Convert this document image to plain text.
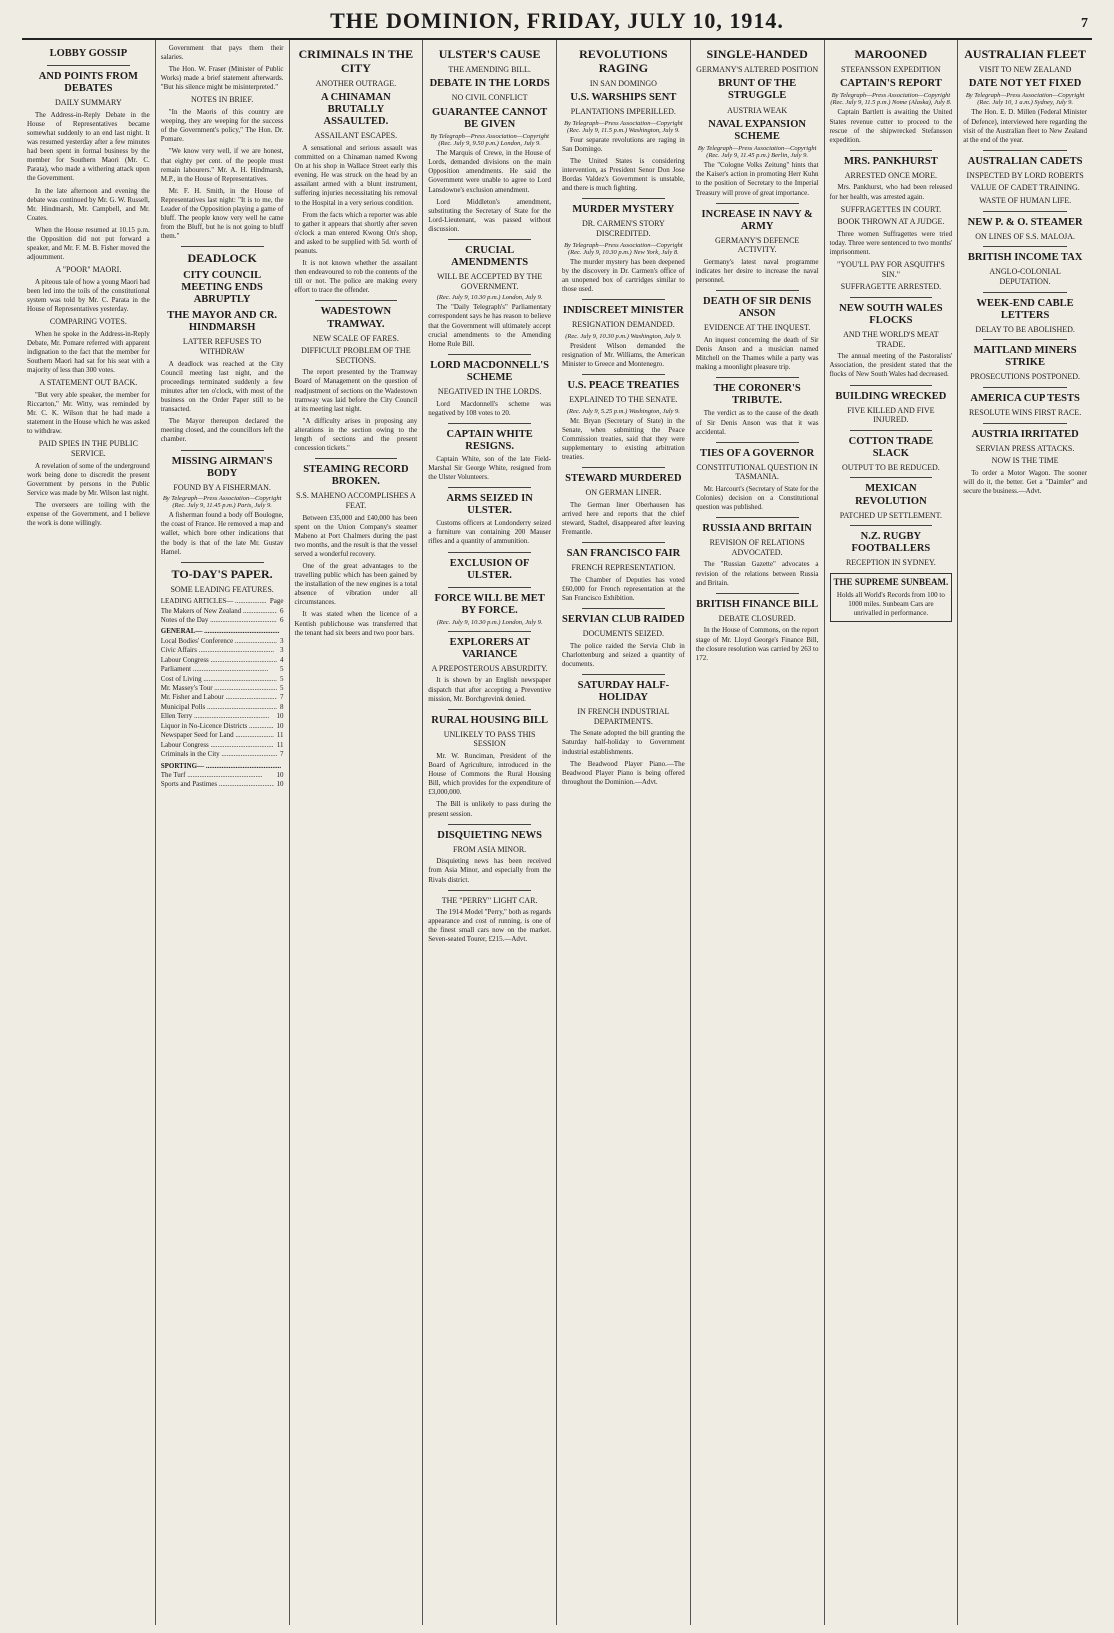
THE DOMINION, FRIDAY, JULY 10, 1914.	7
LOBBY GOSSIP
AND POINTS FROM DEBATES
DAILY SUMMARY
The Address-in-Reply Debate in the House of Representatives became somewhat suddenly to an end last night. It was resumed yesterday after a few minutes had been spent in formal business by the member for Southern Maori (Mr. C. Parata), who made a withering attack upon the Government.
In the late afternoon and evening the debate was continued by Mr. G. W. Russell, Mr. Hindmarsh, Mr. Campbell, and Mr. Coates.
When the House resumed at 10.15 p.m. the Opposition did not put forward a speaker, and Mr. F. M. B. Fisher moved the adjournment.
A "POOR" MAORI.
A piteous tale of how a young Maori had been led into the toils of the constitutional system was told by Mr. C. Parata in the House of Representatives yesterday.
COMPARING VOTES.
When he spoke in the Address-in-Reply Debate, Mr. Pomare referred with apparent indignation to the fact that the member for Southern Maori had sat for his seat with a majority of less than 300 votes.
A STATEMENT OUT BACK.
"But very able speaker, the member for Riccarton," Mr. Witty, was reminded by Mr. C. K. Wilson that he had made a statement in the House which he was asked to withdraw.
PAID SPIES IN THE PUBLIC SERVICE.
A revelation of some of the underground work being done to discredit the present Government by persons in the Public Service was made by Mr. Wilson last night.
The overseers are toiling with the expense of the Government, and I believe the work is done willingly.
Government that pays them their salaries.
The Hon. W. Fraser (Minister of Public Works) made a brief statement afterwards. "But his silence might be misinterpreted."
NOTES IN BRIEF.
"In the Maoris of this country are weeping, they are weeping for the success of the Government's policy," The Hon. Dr. Pomare.
"We know very well, if we are honest, that eighty per cent. of the people must remain labourers." Mr. A. H. Hindmarsh, M.P., in the House of Representatives.
Mr. F. H. Smith, in the House of Representatives last night: "It is to me, the Leader of the Opposition playing a game of bluff. The people know very well he came from the Bluff, but he is not going to bluff them."
DEADLOCK
CITY COUNCIL MEETING ENDS ABRUPTLY
THE MAYOR AND CR. HINDMARSH
LATTER REFUSES TO WITHDRAW
A deadlock was reached at the City Council meeting last night, and the proceedings terminated suddenly a few minutes after ten o'clock, with most of the business on the Order Paper still to be transacted.
The Mayor thereupon declared the meeting closed, and the councillors left the chamber.
MISSING AIRMAN'S BODY
FOUND BY A FISHERMAN.
By Telegraph—Press Association—Copyright (Rec. July 9, 11.45 p.m.) Paris, July 9.
A fisherman found a body off Boulogne, the coast of France. He removed a map and wallet, which bore other indications that the body is that of the late Mr. Gustav Hamel.
TO-DAY'S PAPER.
SOME LEADING FEATURES.
LEADING ARTICLES— .....	Page
The Makers of New Zealand .....	6
Notes of the Day .....	6
GENERAL— .....
Local Bodies' Conference .....	3
Civic Affairs .....	3
Labour Congress .....	4
Parliament .....	5
Cost of Living .....	5
Mr. Massey's Tour .....	5
Mr. Fisher and Labour .....	7
Municipal Polls .....	8
Ellen Terry .....	10
Liquor in No-Licence Districts .....	10
Newspaper Seed for Land .....	11
Labour Congress .....	11
Criminals in the City .....	7
SPORTING— .....
The Turf .....	10
Sports and Pastimes .....	10
CRIMINALS IN THE CITY
ANOTHER OUTRAGE.
A CHINAMAN BRUTALLY ASSAULTED.
ASSAILANT ESCAPES.
A sensational and serious assault was committed on a Chinaman named Kwong On at his shop in Wallace Street early this evening. He was struck on the head by an assailant armed with a blunt instrument, suffering injuries necessitating his removal to the Hospital in a very serious condition.
From the facts which a reporter was able to gather it appears that shortly after seven o'clock a man entered Kwong On's shop, and asked to be supplied with 5d. worth of peanuts.
It is not known whether the assailant then endeavoured to rob the contents of the till or not. The police are making every effort to trace the offender.
WADESTOWN TRAMWAY.
NEW SCALE OF FARES.
DIFFICULT PROBLEM OF THE SECTIONS.
The report presented by the Tramway Board of Management on the question of readjustment of sections on the Wadestown tramway was laid before the City Council at its meeting last night.
"A difficulty arises in proposing any alterations in the section owing to the length of sections and the present concession tickets."
STEAMING RECORD BROKEN.
S.S. MAHENO ACCOMPLISHES A FEAT.
Between £35,000 and £40,000 has been spent on the Union Company's steamer Maheno at Port Chalmers during the past two months, and the result is that the vessel served a wonderful recovery.
One of the great advantages to the travelling public which has been gained by the installation of the new engines is a total absence of vibration under all circumstances.
It was stated when the licence of a Kentish publichouse was transferred that the tenant had six beers and two poor bars.
ULSTER'S CAUSE
THE AMENDING BILL.
DEBATE IN THE LORDS
NO CIVIL CONFLICT
GUARANTEE CANNOT BE GIVEN
By Telegraph—Press Association—Copyright (Rec. July 9, 9.50 p.m.) London, July 9.
The Marquis of Crewe, in the House of Lords, demanded divisions on the main Opposition amendments. He said the Government were unable to agree to Lord Lansdowne's exclusion amendment.
Lord Middleton's amendment, substituting the Secretary of State for the Lord-Lieutenant, was passed without discussion.
CRUCIAL AMENDMENTS
WILL BE ACCEPTED BY THE GOVERNMENT.
(Rec. July 9, 10.30 p.m.) London, July 9.
The "Daily Telegraph's" Parliamentary correspondent says he has reason to believe that the Government will ultimately accept crucial amendments to the Amending Home Rule Bill.
LORD MACDONNELL'S SCHEME
NEGATIVED IN THE LORDS.
Lord Macdonnell's scheme was negatived by 108 votes to 20.
CAPTAIN WHITE RESIGNS.
Captain White, son of the late Field-Marshal Sir George White, resigned from the Ulster Volunteers.
ARMS SEIZED IN ULSTER.
Customs officers at Londonderry seized a furniture van containing 200 Mauser rifles and a quantity of ammunition.
EXCLUSION OF ULSTER.
FORCE WILL BE MET BY FORCE.
(Rec. July 9, 10.30 p.m.) London, July 9.
EXPLORERS AT VARIANCE
A PREPOSTEROUS ABSURDITY.
It is shown by an English newspaper dispatch that after accepting a Preventive mission, Mr. Borchgrevink denied.
RURAL HOUSING BILL
UNLIKELY TO PASS THIS SESSION
Mr. W. Runciman, President of the Board of Agriculture, introduced in the House of Commons the Rural Housing Bill, which provides for the expenditure of £3,000,000.
The Bill is unlikely to pass during the present session.
DISQUIETING NEWS
FROM ASIA MINOR.
Disquieting news has been received from Asia Minor, and especially from the Rivals district.
THE "PERRY" LIGHT CAR.
The 1914 Model "Perry," both as regards appearance and cost of running, is one of the finest small cars now on the market. Seven-seated Tourer, £215.—Advt.
REVOLUTIONS RAGING
IN SAN DOMINGO
U.S. WARSHIPS SENT
PLANTATIONS IMPERILLED.
By Telegraph—Press Association—Copyright (Rec. July 9, 11.5 p.m.) Washington, July 9.
Four separate revolutions are raging in San Domingo.
The United States is considering intervention, as President Senor Don Jose Bordas Valdez's Government is unstable, and there is much fighting.
MURDER MYSTERY
DR. CARMEN'S STORY DISCREDITED.
By Telegraph—Press Association—Copyright (Rec. July 9, 10.30 p.m.) New York, July 8.
The murder mystery has been deepened by the discovery in Dr. Carmen's office of an unopened box of cartridges similar to those used.
INDISCREET MINISTER
RESIGNATION DEMANDED.
(Rec. July 9, 10.30 p.m.) Washington, July 9.
President Wilson demanded the resignation of Mr. Williams, the American Minister to Greece and Montenegro.
U.S. PEACE TREATIES
EXPLAINED TO THE SENATE.
(Rec. July 9, 5.25 p.m.) Washington, July 9.
Mr. Bryan (Secretary of State) in the Senate, when submitting the Peace Commission treaties, said that they were supplementary to existing arbitration treaties.
STEWARD MURDERED
ON GERMAN LINER.
The German liner Oberhausen has arrived here and reports that the chief steward, Stadtel, disappeared after leaving Fremantle.
SAN FRANCISCO FAIR
FRENCH REPRESENTATION.
The Chamber of Deputies has voted £60,000 for French representation at the San Francisco Exhibition.
SERVIAN CLUB RAIDED
DOCUMENTS SEIZED.
The police raided the Servia Club in Charlottenburg and seized a quantity of documents.
SATURDAY HALF-HOLIDAY
IN FRENCH INDUSTRIAL DEPARTMENTS.
The Senate adopted the bill granting the Saturday half-holiday to Government industrial establishments.
The Beadwood Player Piano.—The Beadwood Player Piano is being offered throughout the Dominion.—Advt.
SINGLE-HANDED
GERMANY'S ALTERED POSITION
BRUNT OF THE STRUGGLE
AUSTRIA WEAK
NAVAL EXPANSION SCHEME
By Telegraph—Press Association—Copyright (Rec. July 9, 11.45 p.m.) Berlin, July 9.
The "Cologne Volks Zeitung" hints that the Kaiser's action in promoting Herr Kuhn to the position of Secretary to the Imperial Treasury will prove of great importance.
INCREASE IN NAVY & ARMY
GERMANY'S DEFENCE ACTIVITY.
Germany's latest naval programme indicates her desire to increase the naval personnel.
DEATH OF SIR DENIS ANSON
EVIDENCE AT THE INQUEST.
An inquest concerning the death of Sir Denis Anson and a musician named Mitchell on the Thames while a party was making a moonlight pleasure trip.
THE CORONER'S TRIBUTE.
The verdict as to the cause of the death of Sir Denis Anson was that it was accidental.
TIES OF A GOVERNOR
CONSTITUTIONAL QUESTION IN TASMANIA.
Mr. Harcourt's (Secretary of State for the Colonies) decision on a Constitutional question was published.
RUSSIA AND BRITAIN
REVISION OF RELATIONS ADVOCATED.
The "Russian Gazette" advocates a revision of the relations between Russia and Britain.
BRITISH FINANCE BILL
DEBATE CLOSURED.
In the House of Commons, on the report stage of Mr. Lloyd George's Finance Bill, the closure resolution was carried by 263 to 172.
MAROONED
STEFANSSON EXPEDITION
CAPTAIN'S REPORT
By Telegraph—Press Association—Copyright (Rec. July 9, 11.5 p.m.) Nome (Alaska), July 8.
Captain Bartlett is awaiting the United States revenue cutter to proceed to the rescue of the shipwrecked Stefansson expedition.
MRS. PANKHURST
ARRESTED ONCE MORE.
Mrs. Pankhurst, who had been released for her health, was arrested again.
SUFFRAGETTES IN COURT.
BOOK THROWN AT A JUDGE.
Three women Suffragettes were tried today. Three were sentenced to two months' imprisonment.
"YOU'LL PAY FOR ASQUITH'S SIN."
SUFFRAGETTE ARRESTED.
NEW SOUTH WALES FLOCKS
AND THE WORLD'S MEAT TRADE.
The annual meeting of the Pastoralists' Association, the president stated that the flocks of New South Wales had decreased.
BUILDING WRECKED
FIVE KILLED AND FIVE INJURED.
COTTON TRADE SLACK
OUTPUT TO BE REDUCED.
MEXICAN REVOLUTION
PATCHED UP SETTLEMENT.
N.Z. RUGBY FOOTBALLERS
RECEPTION IN SYDNEY.
THE SUPREME SUNBEAM.
Holds all World's Records from 100 to 1000 miles. Sunbeam Cars are unrivalled in performance.
AUSTRALIAN FLEET
VISIT TO NEW ZEALAND
DATE NOT YET FIXED
By Telegraph—Press Association—Copyright (Rec. July 10, 1 a.m.) Sydney, July 9.
The Hon. E. D. Millen (Federal Minister of Defence), interviewed here regarding the visit of the Australian fleet to New Zealand at the end of the year.
AUSTRALIAN CADETS
INSPECTED BY LORD ROBERTS
VALUE OF CADET TRAINING.
WASTE OF HUMAN LIFE.
NEW P. & O. STEAMER
ON LINES OF S.S. MALOJA.
BRITISH INCOME TAX
ANGLO-COLONIAL DEPUTATION.
WEEK-END CABLE LETTERS
DELAY TO BE ABOLISHED.
MAITLAND MINERS STRIKE
PROSECUTIONS POSTPONED.
AMERICA CUP TESTS
RESOLUTE WINS FIRST RACE.
AUSTRIA IRRITATED
SERVIAN PRESS ATTACKS.
NOW IS THE TIME
To order a Motor Wagon. The sooner will do it, the better. Get a "Daimler" and secure the business.—Advt.
